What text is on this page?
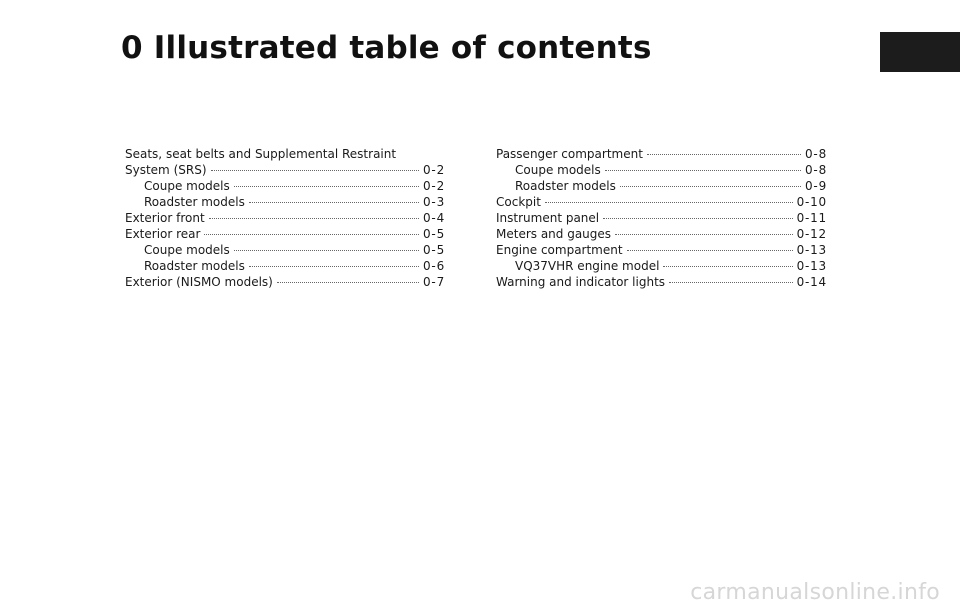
0 Illustrated table of contents
Seats, seat belts and Supplemental Restraint
System (SRS)	0-2
Coupe models	0-2
Roadster models	0-3
Exterior front	0-4
Exterior rear	0-5
Coupe models	0-5
Roadster models	0-6
Exterior (NISMO models)	0-7
Passenger compartment	0-8
Coupe models	0-8
Roadster models	0-9
Cockpit	0-10
Instrument panel	0-11
Meters and gauges	0-12
Engine compartment	0-13
VQ37VHR engine model	0-13
Warning and indicator lights	0-14
carmanualsonline.info
